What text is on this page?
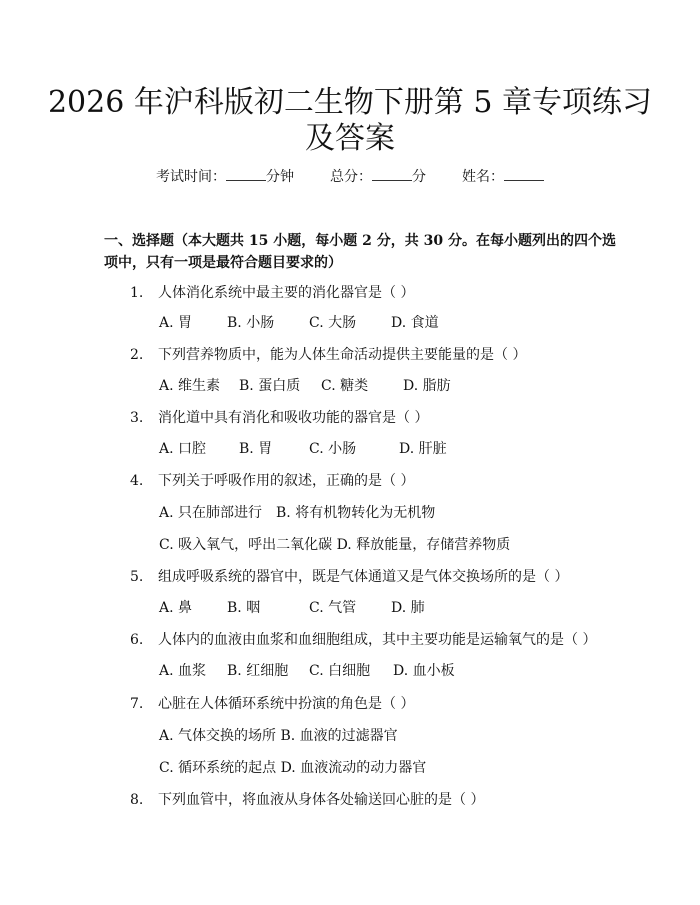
2026 年沪科版初二生物下册第 5 章专项练习
及答案
考试时间：	分钟	总分：	分	姓名：
一、选择题（本大题共 15 小题，每小题 2 分，共 30 分。在每小题列出的四个选
项中，只有一项是最符合题目要求的）
1. 人体消化系统中最主要的消化器官是（ ）
A. 胃 B. 小肠 C. 大肠 D. 食道
2. 下列营养物质中，能为人体生命活动提供主要能量的是（ ）
A. 维生素 B. 蛋白质 C. 糖类 D. 脂肪
3. 消化道中具有消化和吸收功能的器官是（ ）
A. 口腔 B. 胃	C. 小肠	D. 肝脏
4. 下列关于呼吸作用的叙述，正确的是（ ）
A. 只在肺部进行　B. 将有机物转化为无机物
C. 吸入氧气，呼出二氧化碳 D. 释放能量，存储营养物质
5. 组成呼吸系统的器官中，既是气体通道又是气体交换场所的是（ ）
A. 鼻 B. 咽	C. 气管 D. 肺
6. 人体内的血液由血浆和血细胞组成，其中主要功能是运输氧气的是（ ）
A. 血浆 B. 红细胞 C. 白细胞 D. 血小板
7. 心脏在人体循环系统中扮演的角色是（ ）
A. 气体交换的场所 B. 血液的过滤器官
C. 循环系统的起点 D. 血液流动的动力器官
8. 下列血管中，将血液从身体各处输送回心脏的是（ ）
